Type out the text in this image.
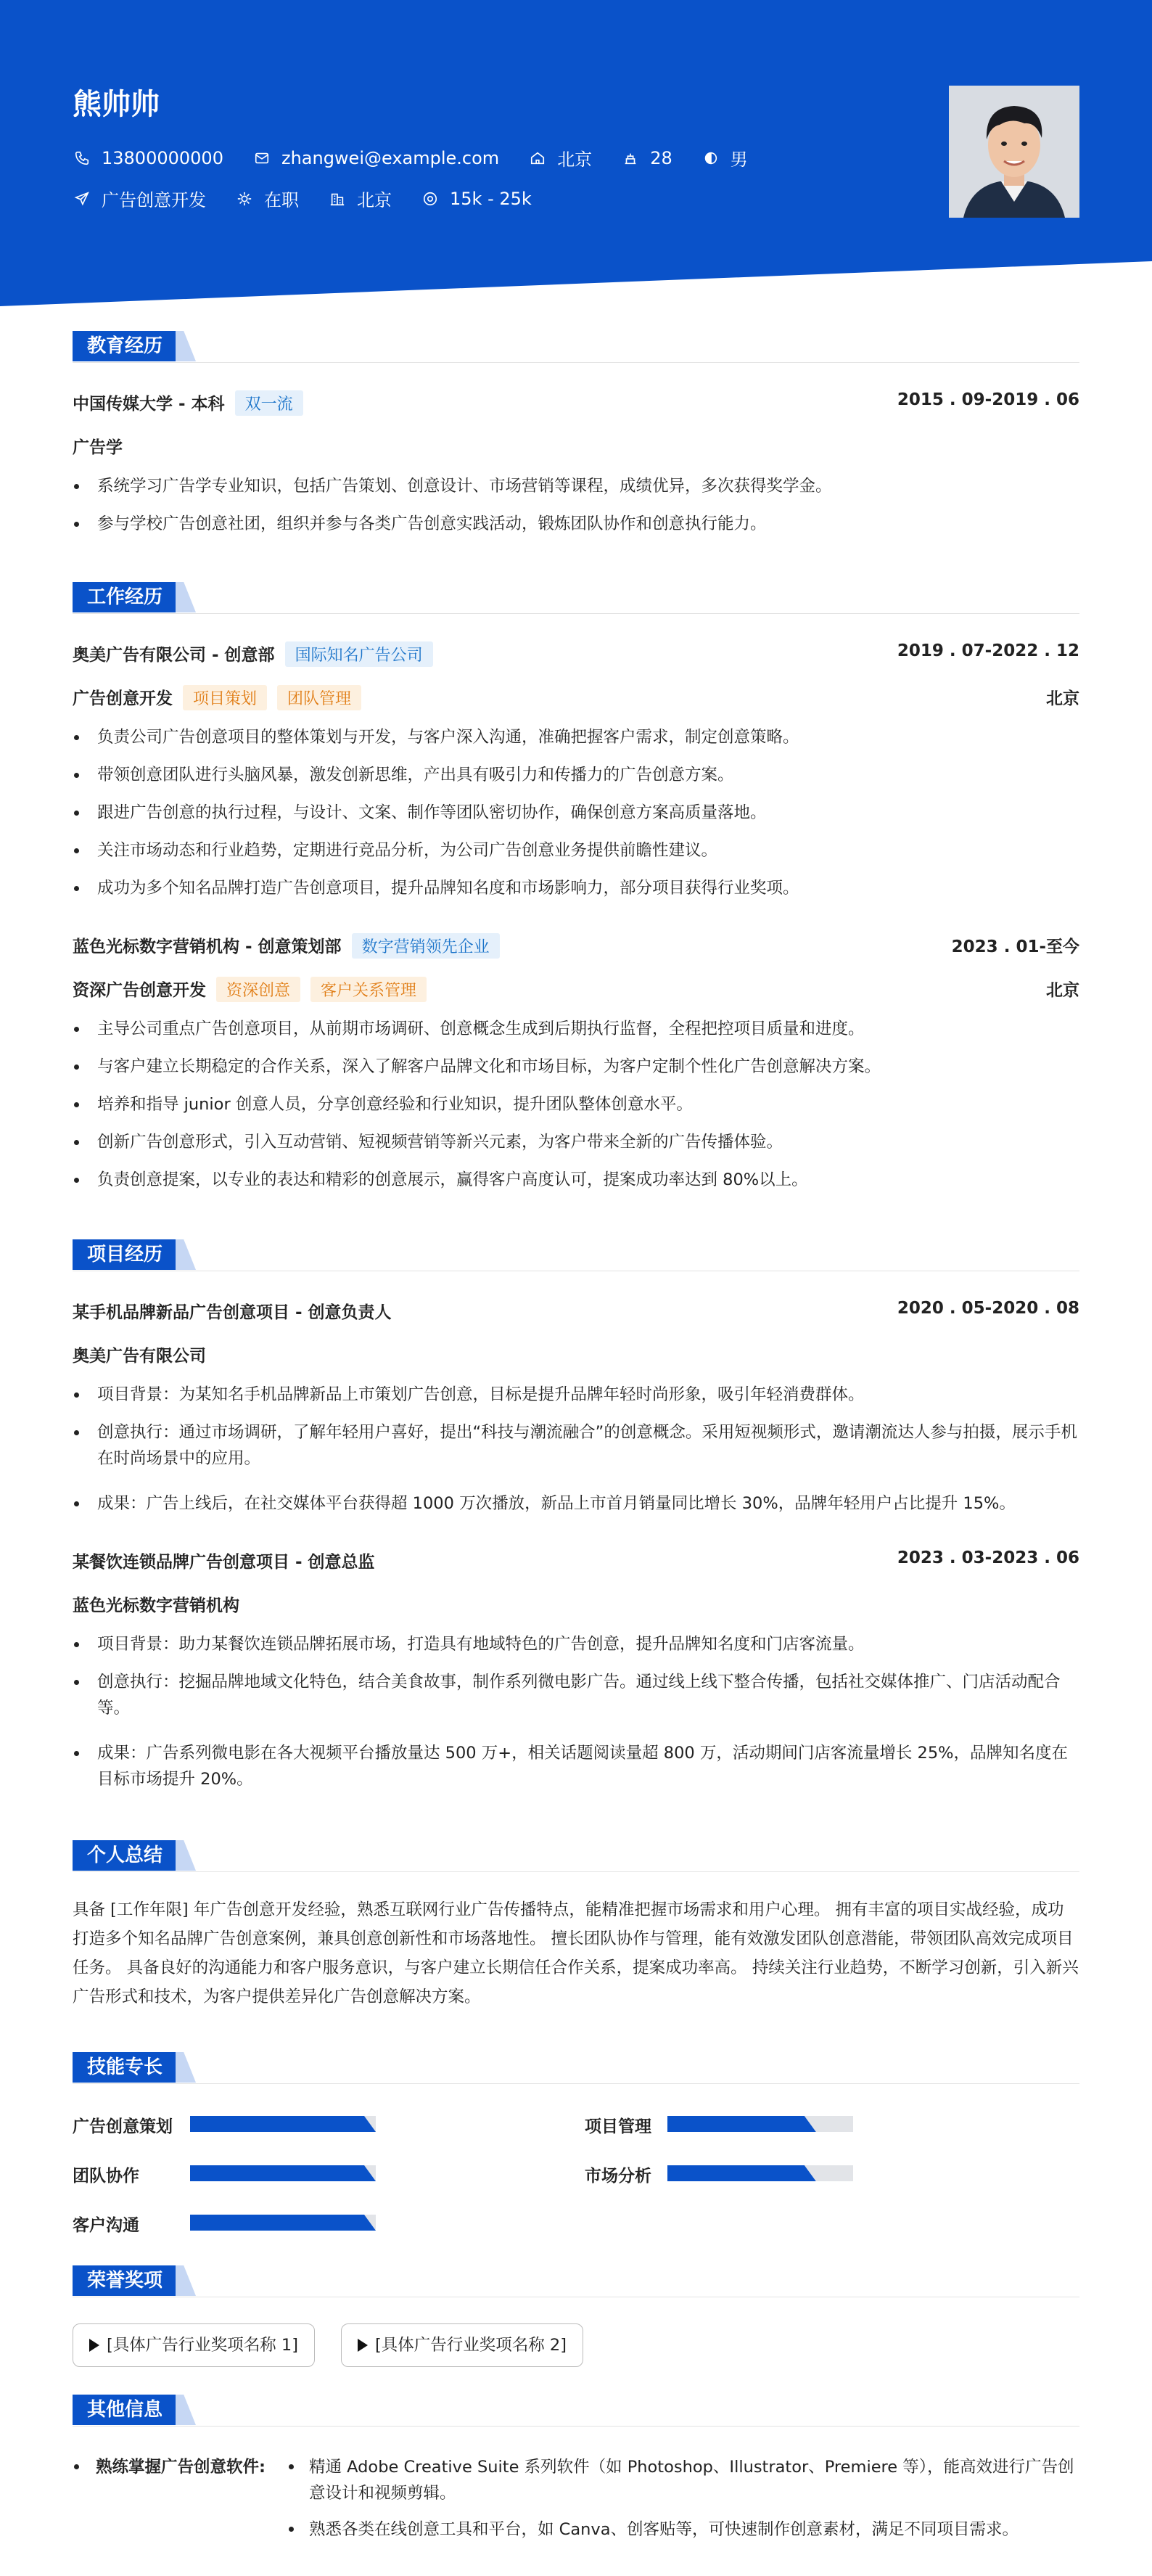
熊帅帅
13800000000	zhangwei@example.com	北京	28	男
广告创意开发	在职	北京	15k - 25k
教育经历
中国传媒大学 - 本科 双一流	2015 . 09-2019 . 06
广告学
系统学习广告学专业知识，包括广告策划、创意设计、市场营销等课程，成绩优异，多次获得奖学金。
参与学校广告创意社团，组织并参与各类广告创意实践活动，锻炼团队协作和创意执行能力。
工作经历
奥美广告有限公司 - 创意部 国际知名广告公司	2019 . 07-2022 . 12
广告创意开发 项目策划 团队管理	北京
负责公司广告创意项目的整体策划与开发，与客户深入沟通，准确把握客户需求，制定创意策略。
带领创意团队进行头脑风暴，激发创新思维，产出具有吸引力和传播力的广告创意方案。
跟进广告创意的执行过程，与设计、文案、制作等团队密切协作，确保创意方案高质量落地。
关注市场动态和行业趋势，定期进行竞品分析，为公司广告创意业务提供前瞻性建议。
成功为多个知名品牌打造广告创意项目，提升品牌知名度和市场影响力，部分项目获得行业奖项。
蓝色光标数字营销机构 - 创意策划部 数字营销领先企业	2023 . 01-至今
资深广告创意开发 资深创意 客户关系管理	北京
主导公司重点广告创意项目，从前期市场调研、创意概念生成到后期执行监督，全程把控项目质量和进度。
与客户建立长期稳定的合作关系，深入了解客户品牌文化和市场目标，为客户定制个性化广告创意解决方案。
培养和指导 junior 创意人员，分享创意经验和行业知识，提升团队整体创意水平。
创新广告创意形式，引入互动营销、短视频营销等新兴元素，为客户带来全新的广告传播体验。
负责创意提案，以专业的表达和精彩的创意展示，赢得客户高度认可，提案成功率达到 80%以上。
项目经历
某手机品牌新品广告创意项目 - 创意负责人	2020 . 05-2020 . 08
奥美广告有限公司
项目背景：为某知名手机品牌新品上市策划广告创意，目标是提升品牌年轻时尚形象，吸引年轻消费群体。
创意执行：通过市场调研，了解年轻用户喜好，提出“科技与潮流融合”的创意概念。采用短视频形式，邀请潮流达人参与拍摄，展示手机在时尚场景中的应用。
成果：广告上线后，在社交媒体平台获得超 1000 万次播放，新品上市首月销量同比增长 30%，品牌年轻用户占比提升 15%。
某餐饮连锁品牌广告创意项目 - 创意总监	2023 . 03-2023 . 06
蓝色光标数字营销机构
项目背景：助力某餐饮连锁品牌拓展市场，打造具有地域特色的广告创意，提升品牌知名度和门店客流量。
创意执行：挖掘品牌地域文化特色，结合美食故事，制作系列微电影广告。通过线上线下整合传播，包括社交媒体推广、门店活动配合等。
成果：广告系列微电影在各大视频平台播放量达 500 万+，相关话题阅读量超 800 万，活动期间门店客流量增长 25%，品牌知名度在目标市场提升 20%。
个人总结
具备 [工作年限] 年广告创意开发经验，熟悉互联网行业广告传播特点，能精准把握市场需求和用户心理。 拥有丰富的项目实战经验，成功打造多个知名品牌广告创意案例，兼具创意创新性和市场落地性。 擅长团队协作与管理，能有效激发团队创意潜能，带领团队高效完成项目任务。 具备良好的沟通能力和客户服务意识，与客户建立长期信任合作关系，提案成功率高。 持续关注行业趋势，不断学习创新，引入新兴广告形式和技术，为客户提供差异化广告创意解决方案。
技能专长
广告创意策划	项目管理
团队协作	市场分析
客户沟通
荣誉奖项
[具体广告行业奖项名称 1]	[具体广告行业奖项名称 2]
其他信息
熟练掌握广告创意软件:	精通 Adobe Creative Suite 系列软件（如 Photoshop、Illustrator、Premiere 等），能高效进行广告创意设计和视频剪辑。
熟悉各类在线创意工具和平台，如 Canva、创客贴等，可快速制作创意素材，满足不同项目需求。
